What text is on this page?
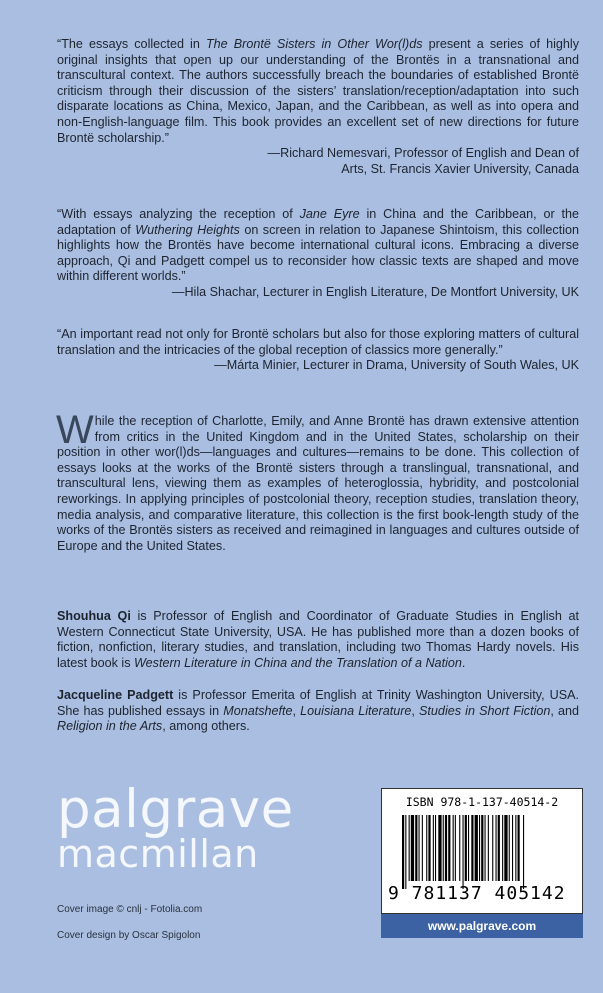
“The essays collected in The Brontë Sisters in Other Wor(l)ds present a series of highly original insights that open up our understanding of the Brontës in a transnational and transcultural context. The authors successfully breach the boundaries of established Brontë criticism through their discussion of the sisters’ translation/reception/adaptation into such disparate locations as China, Mexico, Japan, and the Caribbean, as well as into opera and non-English-language film. This book provides an excellent set of new directions for future Brontë scholarship.”

—Richard Nemesvari, Professor of English and Dean of

Arts, St. Francis Xavier University, Canada

“With essays analyzing the reception of Jane Eyre in China and the Caribbean, or the adaptation of Wuthering Heights on screen in relation to Japanese Shintoism, this collection highlights how the Brontës have become international cultural icons. Embracing a diverse approach, Qi and Padgett compel us to reconsider how classic texts are shaped and move within different worlds.”

—Hila Shachar, Lecturer in English Literature, De Montfort University, UK

“An important read not only for Brontë scholars but also for those exploring matters of cultural translation and the intricacies of the global reception of classics more generally.”

—Márta Minier, Lecturer in Drama, University of South Wales, UK

While the reception of Charlotte, Emily, and Anne Brontë has drawn extensive attention from critics in the United Kingdom and in the United States, scholarship on their position in other wor(l)ds—languages and cultures—remains to be done. This collection of essays looks at the works of the Brontë sisters through a translingual, transnational, and transcultural lens, viewing them as examples of heteroglossia, hybridity, and postcolonial reworkings. In applying principles of postcolonial theory, reception studies, translation theory, media analysis, and comparative literature, this collection is the first book-length study of the works of the Brontës sisters as received and reimagined in languages and cultures outside of Europe and the United States.

Shouhua Qi is Professor of English and Coordinator of Graduate Studies in English at Western Connecticut State University, USA. He has published more than a dozen books of fiction, nonfiction, literary studies, and translation, including two Thomas Hardy novels. His latest book is Western Literature in China and the Translation of a Nation.

Jacqueline Padgett is Professor Emerita of English at Trinity Washington University, USA. She has published essays in Monatshefte, Louisiana Literature, Studies in Short Fiction, and Religion in the Arts, among others.

palgrave
macmillan
Cover image © cnlj - Fotolia.com
Cover design by Oscar Spigolon
ISBN 978-1-137-40514-2
9 781137 405142
www.palgrave.com
